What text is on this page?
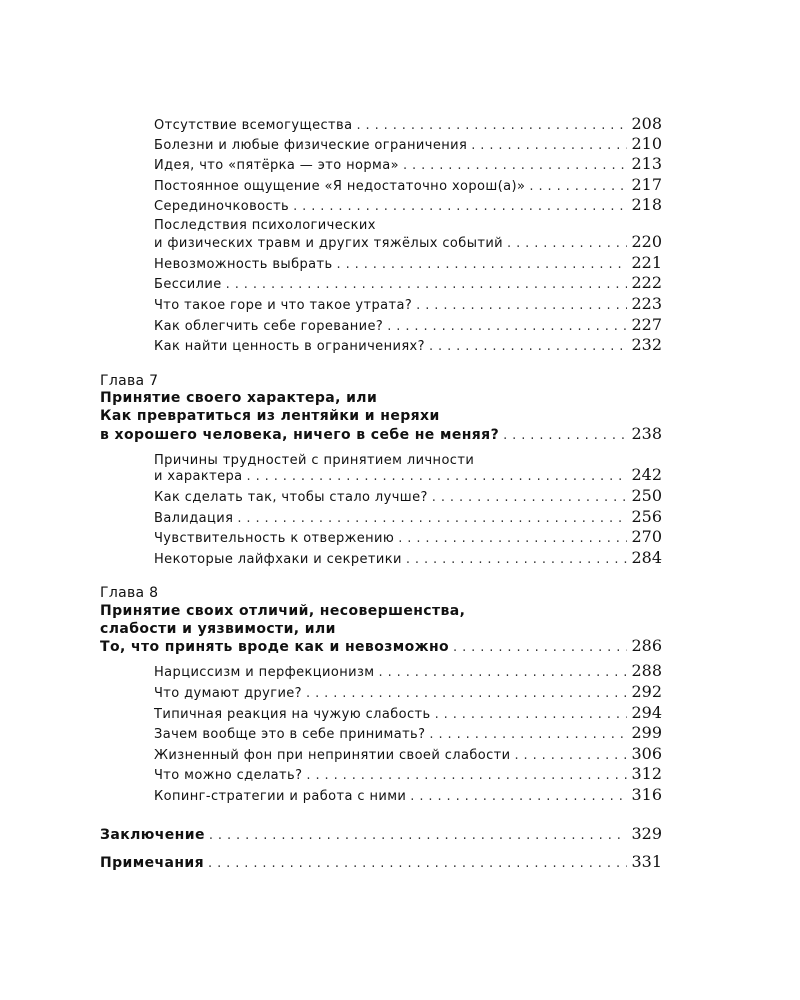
Отсутствие всемогущества . . .	208
Болезни и любые физические ограничения . . .	210
Идея, что «пятёрка — это норма» . . .	213
Постоянное ощущение «Я недостаточно хорош(а)» . . .	217
Серединочковость . . .	218
Последствия психологических
и физических травм и других тяжёлых событий . . .	220
Невозможность выбрать . . .	221
Бессилие . . .	222
Что такое горе и что такое утрата? . . .	223
Как облегчить себе горевание? . . .	227
Как найти ценность в ограничениях? . . .	232
Глава 7
Принятие своего характера, или
Как превратиться из лентяйки и неряхи
в хорошего человека, ничего в себе не меняя? . . .	238
Причины трудностей с принятием личности
и характера . . .	242
Как сделать так, чтобы стало лучше? . . .	250
Валидация . . .	256
Чувствительность к отвержению . . .	270
Некоторые лайфхаки и секретики . . .	284
Глава 8
Принятие своих отличий, несовершенства,
слабости и уязвимости, или
То, что принять вроде как и невозможно . . .	286
Нарциссизм и перфекционизм . . .	288
Что думают другие? . . .	292
Типичная реакция на чужую слабость . . .	294
Зачем вообще это в себе принимать? . . .	299
Жизненный фон при непринятии своей слабости . . .	306
Что можно сделать? . . .	312
Копинг-стратегии и работа с ними . . .	316
Заключение . . .	329
Примечания . . .	331
